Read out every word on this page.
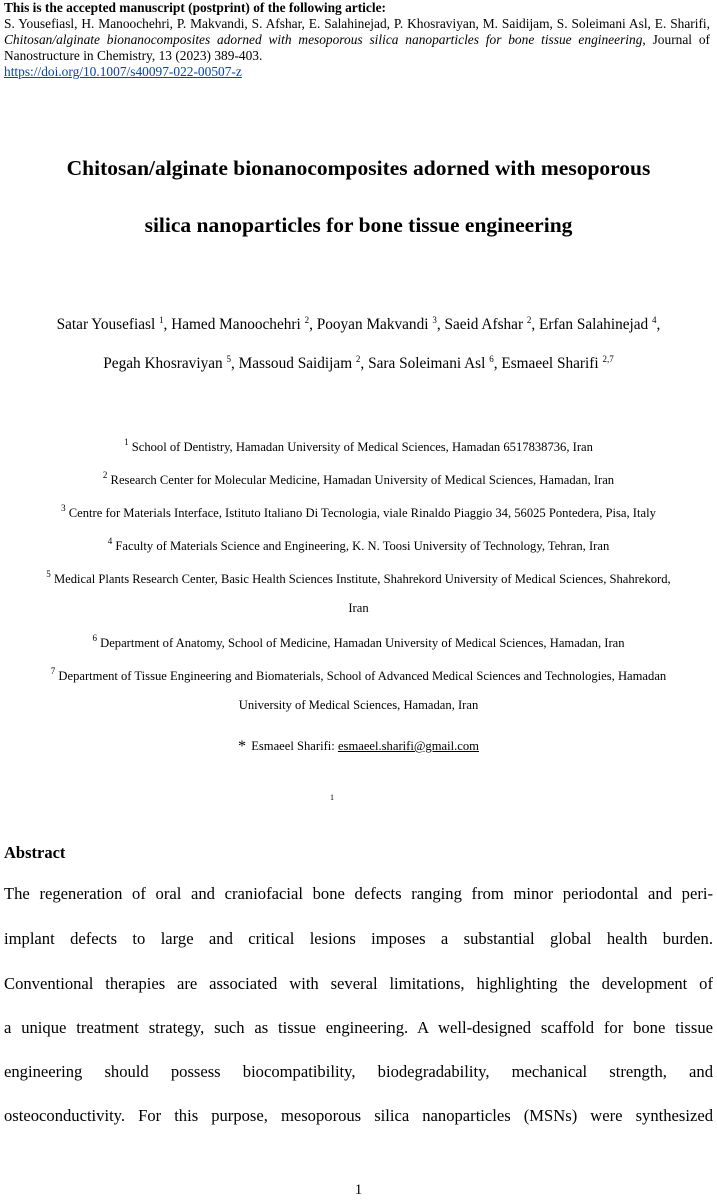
This is the accepted manuscript (postprint) of the following article:
S. Yousefiasl, H. Manoochehri, P. Makvandi, S. Afshar, E. Salahinejad, P. Khosraviyan, M. Saidijam, S. Soleimani Asl, E. Sharifi, Chitosan/alginate bionanocomposites adorned with mesoporous silica nanoparticles for bone tissue engineering, Journal of Nanostructure in Chemistry, 13 (2023) 389-403.
https://doi.org/10.1007/s40097-022-00507-z
Chitosan/alginate bionanocomposites adorned with mesoporous
silica nanoparticles for bone tissue engineering
Satar Yousefiasl $^1$, Hamed Manoochehri $^2$, Pooyan Makvandi $^3$, Saeid Afshar $^2$, Erfan Salahinejad $^4$,
Pegah Khosraviyan $^5$, Massoud Saidijam $^2$, Sara Soleimani Asl $^6$, Esmaeel Sharifi $^{2,7}$
$^1$ School of Dentistry, Hamadan University of Medical Sciences, Hamadan 6517838736, Iran
$^2$ Research Center for Molecular Medicine, Hamadan University of Medical Sciences, Hamadan, Iran
$^3$ Centre for Materials Interface, Istituto Italiano Di Tecnologia, viale Rinaldo Piaggio 34, 56025 Pontedera, Pisa, Italy
$^4$ Faculty of Materials Science and Engineering, K. N. Toosi University of Technology, Tehran, Iran
$^5$ Medical Plants Research Center, Basic Health Sciences Institute, Shahrekord University of Medical Sciences, Shahrekord,
Iran
$^6$ Department of Anatomy, School of Medicine, Hamadan University of Medical Sciences, Hamadan, Iran
$^7$ Department of Tissue Engineering and Biomaterials, School of Advanced Medical Sciences and Technologies, Hamadan
University of Medical Sciences, Hamadan, Iran
* Esmaeel Sharifi: esmaeel.sharifi@gmail.com
1
Abstract
The regeneration of oral and craniofacial bone defects ranging from minor periodontal and peri-
implant defects to large and critical lesions imposes a substantial global health burden.
Conventional therapies are associated with several limitations, highlighting the development of
a unique treatment strategy, such as tissue engineering. A well-designed scaffold for bone tissue
engineering should possess biocompatibility, biodegradability, mechanical strength, and
osteoconductivity. For this purpose, mesoporous silica nanoparticles (MSNs) were synthesized
1
